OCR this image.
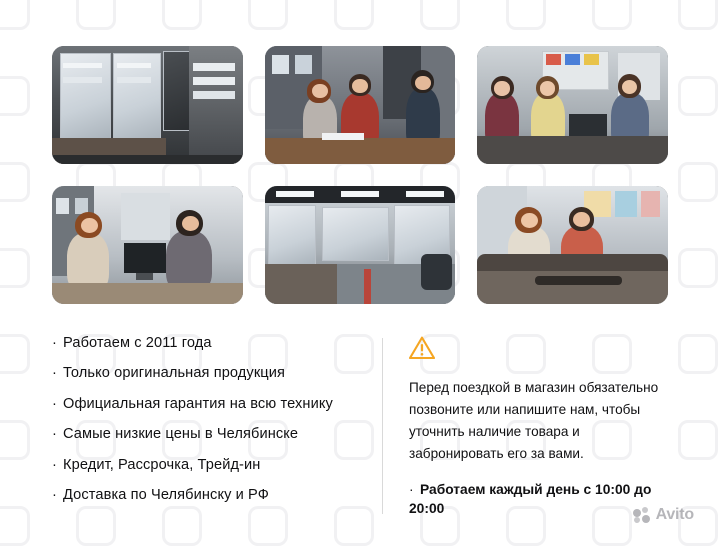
· Работаем с 2011 года
· Только оригинальная продукция
· Официальная гарантия на всю технику
· Самые низкие цены в Челябинске
· Кредит, Рассрочка, Трейд-ин
· Доставка по Челябинску и РФ

Перед поездкой в магазин обязательно позвоните или напишите нам, чтобы уточнить наличие товара и забронировать его за вами.

· Работаем каждый день с 10:00 до 20:00	Avito
